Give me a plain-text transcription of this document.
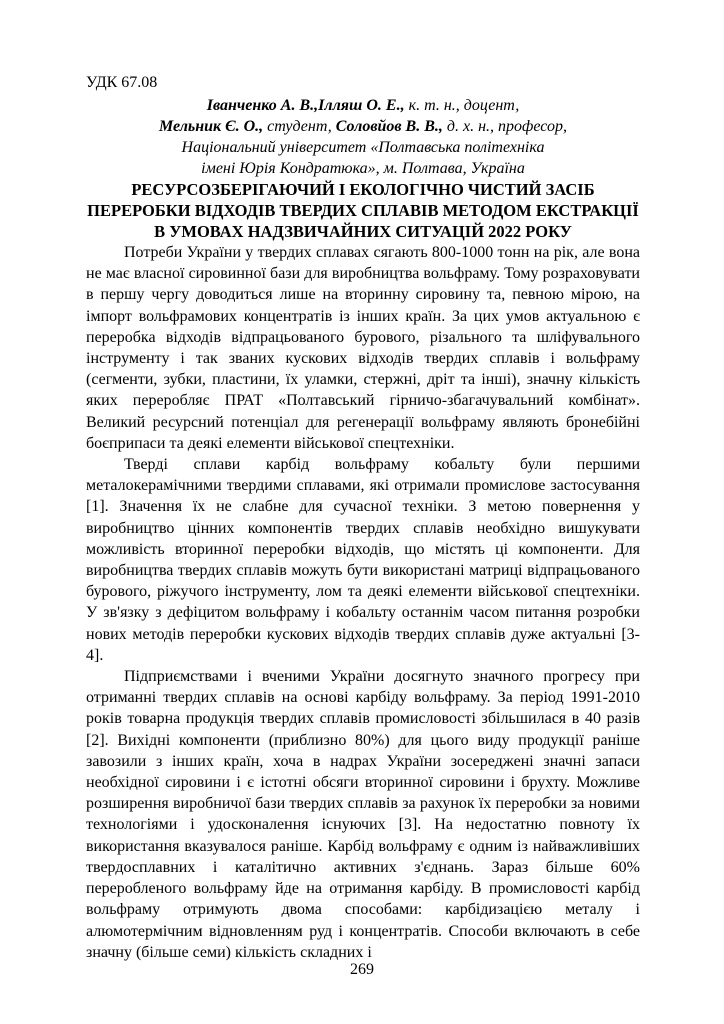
УДК 67.08

Іванченко А. В.,Ілляш О. Е., к. т. н., доцент,

Мельник Є. О., студент, Соловйов В. В., д. х. н., професор,

Національний університет «Полтавська політехніка

імені Юрія Кондратюка», м. Полтава, Україна

РЕСУРСОЗБЕРІГАЮЧИЙ І ЕКОЛОГІЧНО ЧИСТИЙ ЗАСІБ ПЕРЕРОБКИ ВІДХОДІВ ТВЕРДИХ СПЛАВІВ МЕТОДОМ ЕКСТРАКЦІЇ В УМОВАХ НАДЗВИЧАЙНИХ СИТУАЦІЙ 2022 РОКУ

Потреби України у твердих сплавах сягають 800-1000 тонн на рік, але вона не має власної сировинної бази для виробництва вольфраму. Тому розраховувати в першу чергу доводиться лише на вторинну сировину та, певною мірою, на імпорт вольфрамових концентратів із інших країн. За цих умов актуальною є переробка відходів відпрацьованого бурового, різального та шліфувального інструменту і так званих кускових відходів твердих сплавів і вольфраму (сегменти, зубки, пластини, їх уламки, стержні, дріт та інші), значну кількість яких переробляє ПРАТ «Полтавський гірничо-збагачувальний комбінат». Великий ресурсний потенціал для регенерації вольфраму являють бронебійні боєприпаси та деякі елементи військової спецтехніки.

Тверді сплави карбід вольфраму кобальту були першими металокерамічними твердими сплавами, які отримали промислове застосування [1]. Значення їх не слабне для сучасної техніки. З метою повернення у виробництво цінних компонентів твердих сплавів необхідно вишукувати можливість вторинної переробки відходів, що містять ці компоненти. Для виробництва твердих сплавів можуть бути використані матриці відпрацьованого бурового, ріжучого інструменту, лом та деякі елементи військової спецтехніки. У зв'язку з дефіцитом вольфраму і кобальту останнім часом питання розробки нових методів переробки кускових відходів твердих сплавів дуже актуальні [3-4].

Підприємствами і вченими України досягнуто значного прогресу при отриманні твердих сплавів на основі карбіду вольфраму. За період 1991-2010 років товарна продукція твердих сплавів промисловості збільшилася в 40 разів [2]. Вихідні компоненти (приблизно 80%) для цього виду продукції раніше завозили з інших країн, хоча в надрах України зосереджені значні запаси необхідної сировини і є істотні обсяги вторинної сировини і брухту. Можливе розширення виробничої бази твердих сплавів за рахунок їх переробки за новими технологіями і удосконалення існуючих [3]. На недостатню повноту їх використання вказувалося раніше. Карбід вольфраму є одним із найважливіших твердосплавних і каталітично активних з'єднань. Зараз більше 60% переробленого вольфраму йде на отримання карбіду. В промисловості карбід вольфраму отримують двома способами: карбідизацією металу і алюмотермічним відновленням руд і концентратів. Способи включають в себе значну (більше семи) кількість складних і

269
